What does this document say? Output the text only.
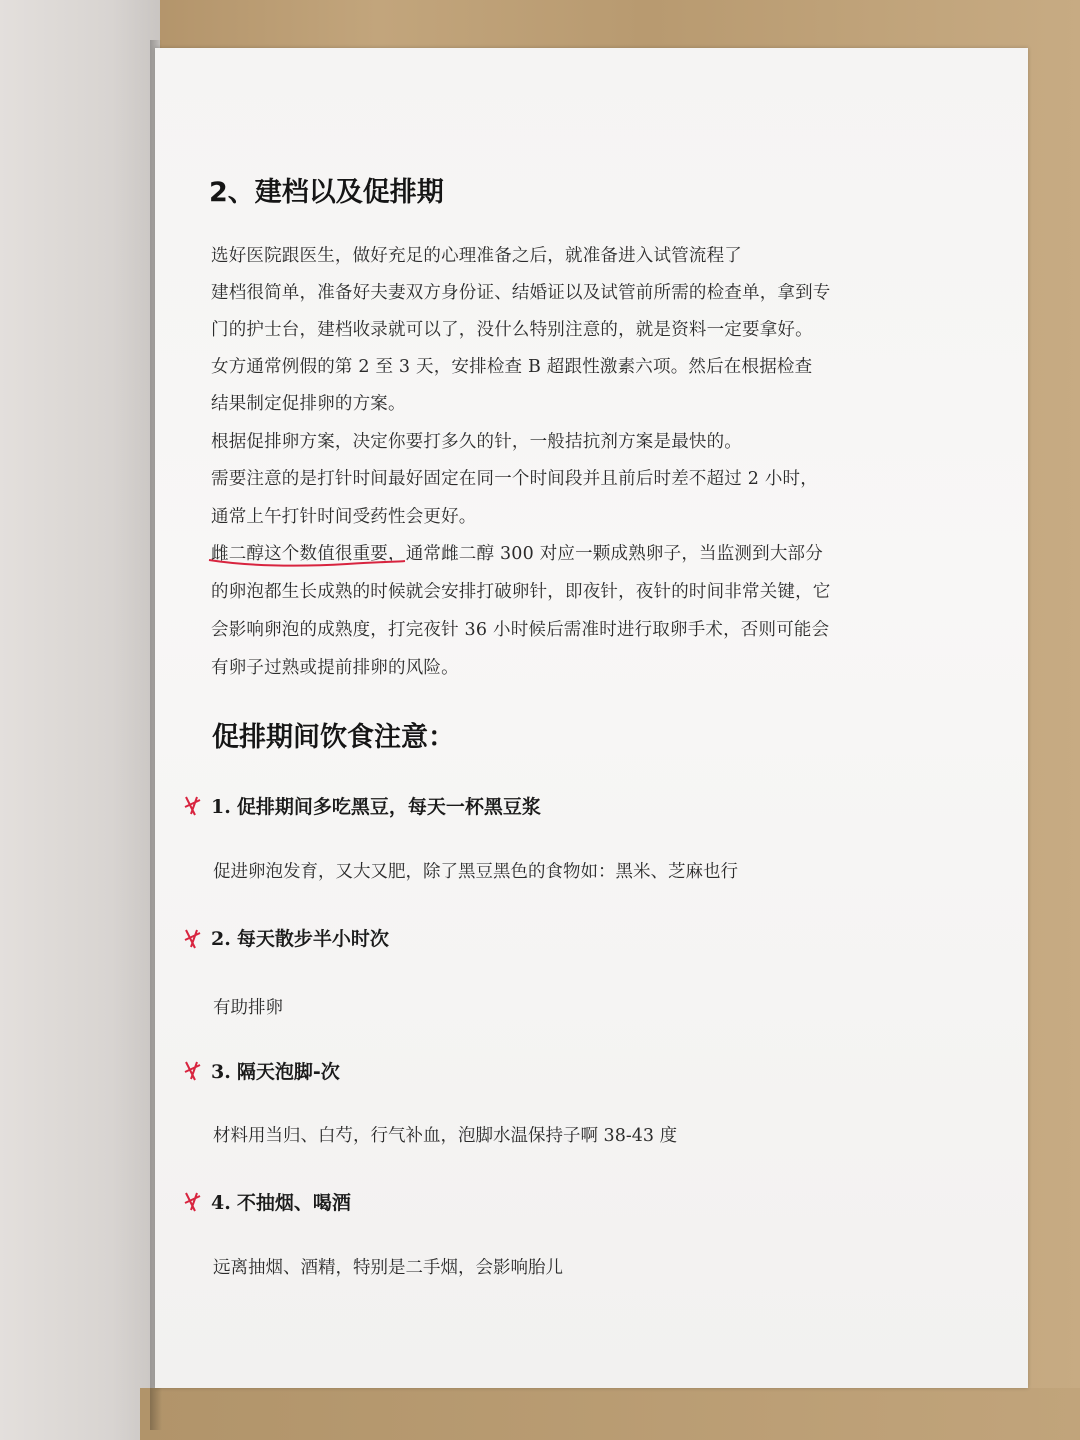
2、建档以及促排期

选好医院跟医生，做好充足的心理准备之后，就准备进入试管流程了

建档很简单，准备好夫妻双方身份证、结婚证以及试管前所需的检查单，拿到专

门的护士台，建档收录就可以了，没什么特别注意的，就是资料一定要拿好。

女方通常例假的第 2 至 3 天，安排检查 B 超跟性激素六项。然后在根据检查

结果制定促排卵的方案。

根据促排卵方案，决定你要打多久的针，一般拮抗剂方案是最快的。

需要注意的是打针时间最好固定在同一个时间段并且前后时差不超过 2 小时，

通常上午打针时间受药性会更好。

雌二醇这个数值很重要
，通常雌二醇 300 对应一颗成熟卵子，当监测到大部分

的卵泡都生长成熟的时候就会安排打破卵针，即夜针，夜针的时间非常关键，它

会影响卵泡的成熟度，打完夜针 36 小时候后需准时进行取卵手术，否则可能会

有卵子过熟或提前排卵的风险。

促排期间饮食注意：
1. 促排期间多吃黑豆，每天一杯黑豆浆

促进卵泡发育，又大又肥，除了黑豆黑色的食物如：黑米、芝麻也行

2. 每天散步半小时次

有助排卵

3. 隔天泡脚-次

材料用当归、白芍，行气补血，泡脚水温保持子啊 38-43 度

4. 不抽烟、喝酒

远离抽烟、酒精，特别是二手烟，会影响胎儿
